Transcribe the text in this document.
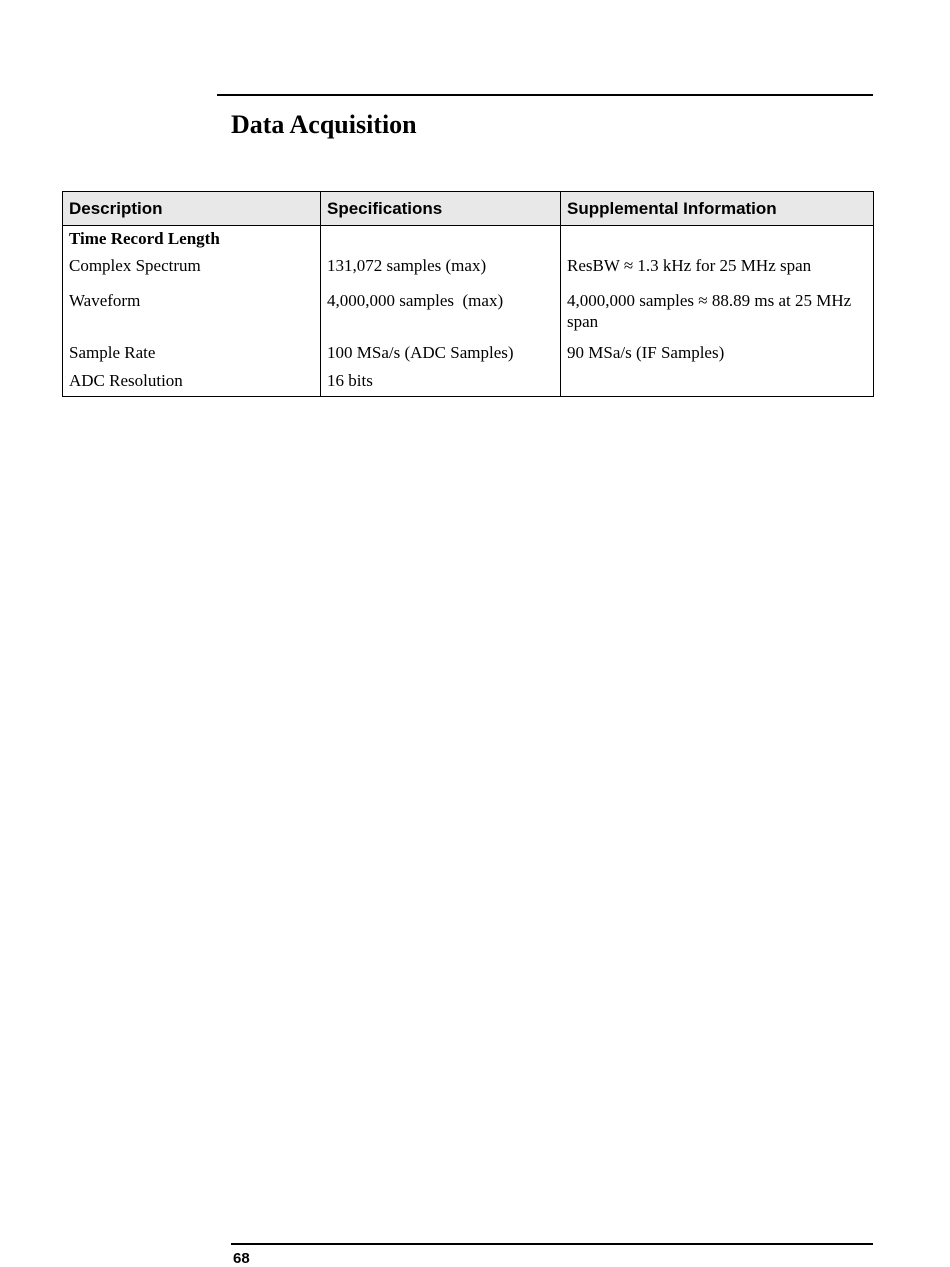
Data Acquisition
Description	Specifications	Supplemental Information
Time Record Length		
Complex Spectrum	131,072 samples (max)	ResBW ≈ 1.3 kHz for 25 MHz span
Waveform	4,000,000 samples  (max)	4,000,000 samples ≈ 88.89 ms at 25 MHz span
Sample Rate	100 MSa/s (ADC Samples)	90 MSa/s (IF Samples)
ADC Resolution	16 bits	
68
